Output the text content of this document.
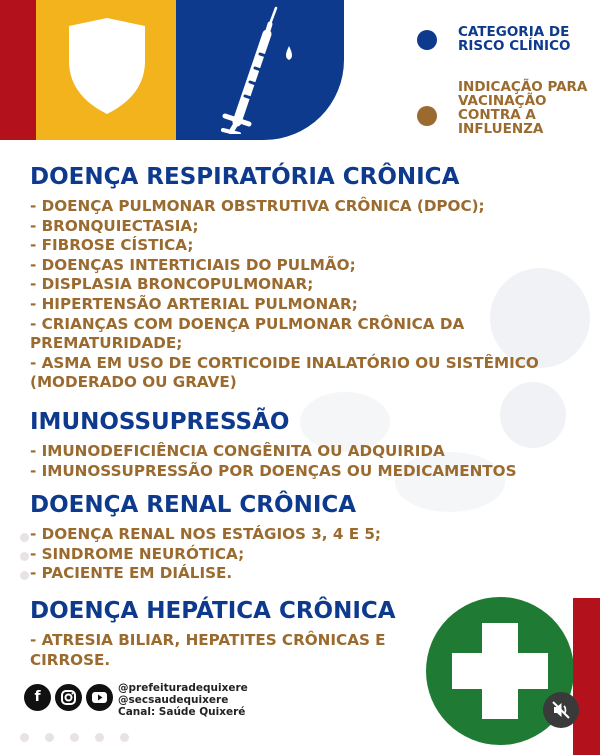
CATEGORIA DE RISCO CLÍNICO
INDICAÇÃO PARA VACINAÇÃO CONTRA A INFLUENZA
DOENÇA RESPIRATÓRIA CRÔNICA
- DOENÇA PULMONAR OBSTRUTIVA CRÔNICA (DPOC);
- BRONQUIECTASIA;
- FIBROSE CÍSTICA;
- DOENÇAS INTERTICIAIS DO PULMÃO;
- DISPLASIA BRONCOPULMONAR;
- HIPERTENSÃO ARTERIAL PULMONAR;
- CRIANÇAS COM DOENÇA PULMONAR CRÔNICA DA PREMATURIDADE;
- ASMA EM USO DE CORTICOIDE INALATÓRIO OU SISTÊMICO (MODERADO OU GRAVE)
IMUNOSSUPRESSÃO
- IMUNODEFICIÊNCIA CONGÊNITA OU ADQUIRIDA
- IMUNOSSUPRESSÃO POR DOENÇAS OU MEDICAMENTOS
DOENÇA RENAL CRÔNICA
- DOENÇA RENAL NOS ESTÁGIOS 3, 4 E 5;
- SINDROME NEURÓTICA;
- PACIENTE EM DIÁLISE.
DOENÇA HEPÁTICA CRÔNICA
- ATRESIA BILIAR, HEPATITES CRÔNICAS E CIRROSE.
f
@prefeituradequixere
@secsaudequixere
Canal: Saúde Quixeré
